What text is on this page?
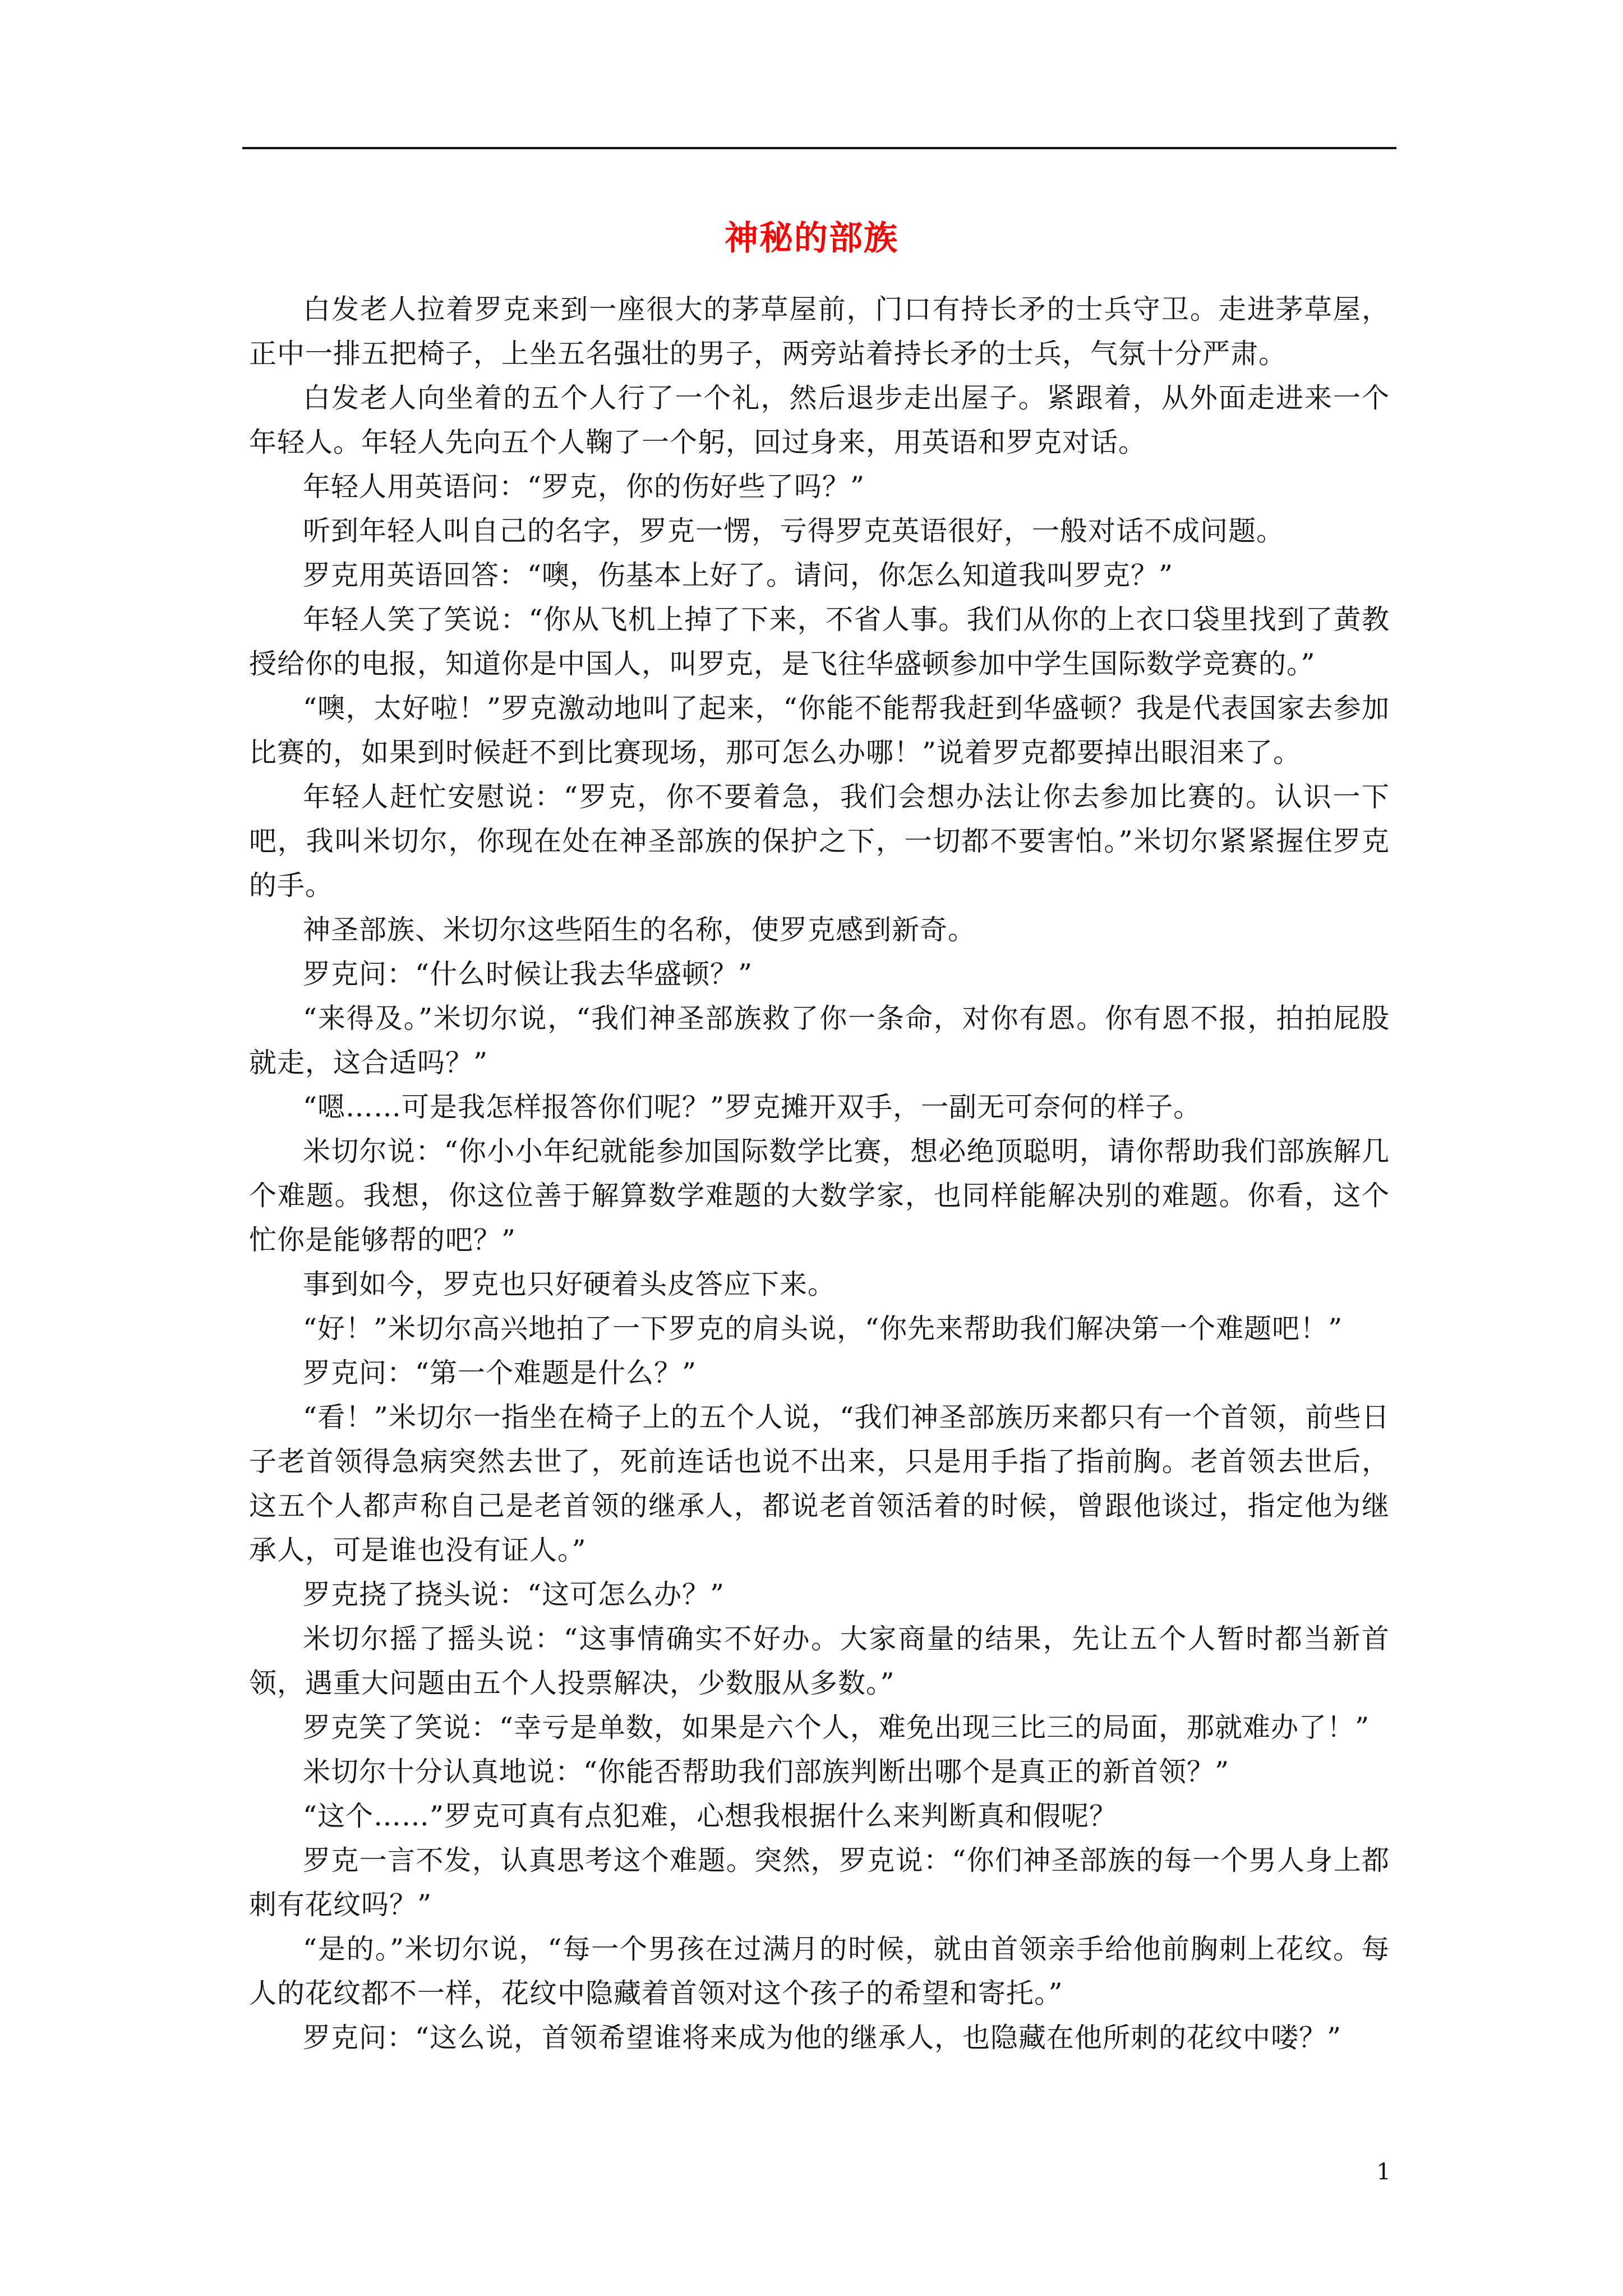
神秘的部族

白发老人拉着罗克来到一座很大的茅草屋前，门口有持长矛的士兵守卫。走进茅草屋，正中一排五把椅子，上坐五名强壮的男子，两旁站着持长矛的士兵，气氛十分严肃。

白发老人向坐着的五个人行了一个礼，然后退步走出屋子。紧跟着，从外面走进来一个年轻人。年轻人先向五个人鞠了一个躬，回过身来，用英语和罗克对话。

年轻人用英语问：“罗克，你的伤好些了吗？”

听到年轻人叫自己的名字，罗克一愣，亏得罗克英语很好，一般对话不成问题。

罗克用英语回答：“噢，伤基本上好了。请问，你怎么知道我叫罗克？”

年轻人笑了笑说：“你从飞机上掉了下来，不省人事。我们从你的上衣口袋里找到了黄教授给你的电报，知道你是中国人，叫罗克，是飞往华盛顿参加中学生国际数学竞赛的。”

“噢，太好啦！”罗克激动地叫了起来，“你能不能帮我赶到华盛顿？我是代表国家去参加比赛的，如果到时候赶不到比赛现场，那可怎么办哪！”说着罗克都要掉出眼泪来了。

年轻人赶忙安慰说：“罗克，你不要着急，我们会想办法让你去参加比赛的。认识一下吧，我叫米切尔，你现在处在神圣部族的保护之下，一切都不要害怕。”米切尔紧紧握住罗克的手。

神圣部族、米切尔这些陌生的名称，使罗克感到新奇。

罗克问：“什么时候让我去华盛顿？”

“来得及。”米切尔说，“我们神圣部族救了你一条命，对你有恩。你有恩不报，拍拍屁股就走，这合适吗？”

“嗯……可是我怎样报答你们呢？”罗克摊开双手，一副无可奈何的样子。

米切尔说：“你小小年纪就能参加国际数学比赛，想必绝顶聪明，请你帮助我们部族解几个难题。我想，你这位善于解算数学难题的大数学家，也同样能解决别的难题。你看，这个忙你是能够帮的吧？”

事到如今，罗克也只好硬着头皮答应下来。

“好！”米切尔高兴地拍了一下罗克的肩头说，“你先来帮助我们解决第一个难题吧！”

罗克问：“第一个难题是什么？”

“看！”米切尔一指坐在椅子上的五个人说，“我们神圣部族历来都只有一个首领，前些日子老首领得急病突然去世了，死前连话也说不出来，只是用手指了指前胸。老首领去世后，这五个人都声称自己是老首领的继承人，都说老首领活着的时候，曾跟他谈过，指定他为继承人，可是谁也没有证人。”

罗克挠了挠头说：“这可怎么办？”

米切尔摇了摇头说：“这事情确实不好办。大家商量的结果，先让五个人暂时都当新首领，遇重大问题由五个人投票解决，少数服从多数。”

罗克笑了笑说：“幸亏是单数，如果是六个人，难免出现三比三的局面，那就难办了！”

米切尔十分认真地说：“你能否帮助我们部族判断出哪个是真正的新首领？”

“这个……”罗克可真有点犯难，心想我根据什么来判断真和假呢？

罗克一言不发，认真思考这个难题。突然，罗克说：“你们神圣部族的每一个男人身上都刺有花纹吗？”

“是的。”米切尔说，“每一个男孩在过满月的时候，就由首领亲手给他前胸刺上花纹。每人的花纹都不一样，花纹中隐藏着首领对这个孩子的希望和寄托。”

罗克问：“这么说，首领希望谁将来成为他的继承人，也隐藏在他所刺的花纹中喽？”

1
